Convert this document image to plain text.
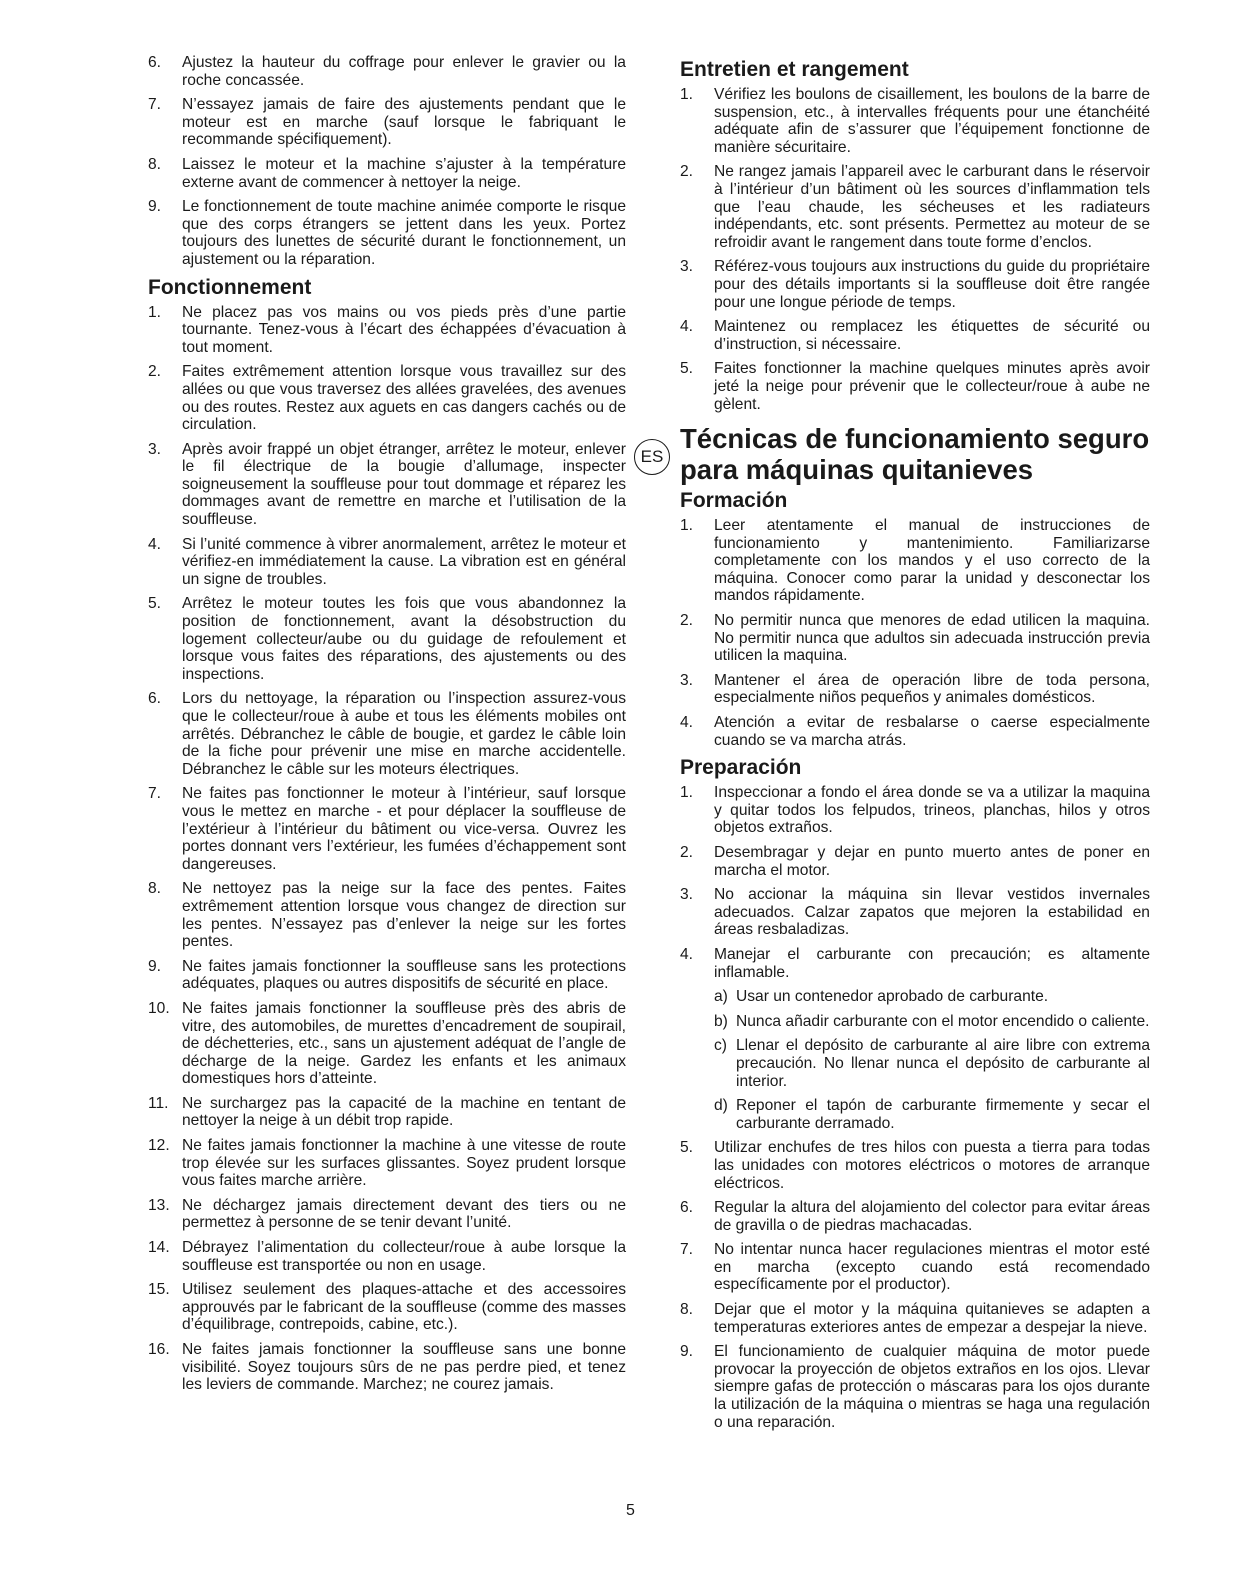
6.	Ajustez la hauteur du coffrage pour enlever le gravier ou la roche concassée.
7.	N’essayez jamais de faire des ajustements pendant que le moteur est en marche (sauf lorsque le fabriquant le recommande spécifiquement).
8.	Laissez le moteur et la machine s’ajuster à la température externe avant de commencer à nettoyer la neige.
9.	Le fonctionnement de toute machine animée comporte le risque que des corps étrangers se jettent dans les yeux. Portez toujours des lunettes de sécurité durant le fonctionnement, un ajustement ou la réparation.
Fonctionnement
1.	Ne placez pas vos mains ou vos pieds près d’une partie tournante. Tenez-vous à l’écart des échappées d’évacuation à tout moment.
2.	Faites extrêmement attention lorsque vous travaillez sur des allées ou que vous traversez des allées gravelées, des avenues ou des routes. Restez aux aguets en cas dangers cachés ou de circulation.
3.	Après avoir frappé un objet étranger, arrêtez le moteur, enlever le fil électrique de la bougie d’allumage, inspecter soigneusement la souffleuse pour tout dommage et réparez les dommages avant de remettre en marche et l’utilisation de la souffleuse.
4.	Si l’unité commence à vibrer anormalement, arrêtez le moteur et vérifiez-en immédiatement la cause. La vibration est en général un signe de troubles.
5.	Arrêtez le moteur toutes les fois que vous abandonnez la position de fonctionnement, avant la désobstruction du logement collecteur/aube ou du guidage de refoulement et lorsque vous faites des réparations, des ajustements ou des inspections.
6.	Lors du nettoyage, la réparation ou l’inspection assurez-vous que le collecteur/roue à aube et tous les éléments mobiles ont arrêtés. Débranchez le câble de bougie, et gardez le câble loin de la fiche pour prévenir une mise en marche accidentelle. Débranchez le câble sur les moteurs électriques.
7.	Ne faites pas fonctionner le moteur à l’intérieur, sauf lorsque vous le mettez en marche - et pour déplacer la souffleuse de l’extérieur à l’intérieur du bâtiment ou vice-versa. Ouvrez les portes donnant vers l’extérieur, les fumées d’échappement sont dangereuses.
8.	Ne nettoyez pas la neige sur la face des pentes. Faites extrêmement attention lorsque vous changez de direction sur les pentes. N’essayez pas d’enlever la neige sur les fortes pentes.
9.	Ne faites jamais fonctionner la souffleuse sans les protections adéquates, plaques ou autres dispositifs de sécurité en place.
10. Ne faites jamais fonctionner la souffleuse près des abris de vitre, des automobiles, de murettes d’encadrement de soupirail, de déchetteries, etc., sans un ajustement adéquat de l’angle de décharge de la neige. Gardez les enfants et les animaux domestiques hors d’atteinte.
11. Ne surchargez pas la capacité de la machine en tentant de nettoyer la neige à un débit trop rapide.
12. Ne faites jamais fonctionner la machine à une vitesse de route trop élevée sur les surfaces glissantes. Soyez prudent lorsque vous faites marche arrière.
13. Ne déchargez jamais directement devant des tiers ou ne permettez à personne de se tenir devant l’unité.
14. Débrayez l’alimentation du collecteur/roue à aube lorsque la souffleuse est transportée ou non en usage.
15. Utilisez seulement des plaques-attache et des accessoires approuvés par le fabricant de la souffleuse (comme des masses d’équilibrage, contrepoids, cabine, etc.).
16. Ne faites jamais fonctionner la souffleuse sans une bonne visibilité. Soyez toujours sûrs de ne pas perdre pied, et tenez les leviers de commande. Marchez; ne courez jamais.
Entretien et rangement
1.	Vérifiez les boulons de cisaillement, les boulons de la barre de suspension, etc., à intervalles fréquents pour une étanchéité adéquate afin de s’assurer que l’équipement fonctionne de manière sécuritaire.
2.	Ne rangez jamais l’appareil avec le carburant dans le réservoir à l’intérieur d’un bâtiment où les sources d’inflammation tels que l’eau chaude, les sécheuses et les radiateurs indépendants, etc. sont présents. Permettez au moteur de se refroidir avant le rangement dans toute forme d’enclos.
3.	Référez-vous toujours aux instructions du guide du propriétaire pour des détails importants si la souffleuse doit être rangée pour une longue période de temps.
4.	Maintenez ou remplacez les étiquettes de sécurité ou d’instruction, si nécessaire.
5.	Faites fonctionner la machine quelques minutes après avoir jeté la neige pour prévenir que le collecteur/roue à aube ne gèlent.
ES
Técnicas de funcionamiento seguro para máquinas quitanieves
Formación
1.	Leer atentamente el manual de instrucciones de funcionamiento y mantenimiento. Familiarizarse completamente con los mandos y el uso correcto de la máquina. Conocer como parar la unidad y desconectar los mandos rápidamente.
2.	No permitir nunca que menores de edad utilicen la maquina. No permitir nunca que adultos sin adecuada instrucción previa utilicen la maquina.
3.	Mantener el área de operación libre de toda persona, especialmente niños pequeños y animales domésticos.
4.	Atención a evitar de resbalarse o caerse especialmente cuando se va marcha atrás.
Preparación
1.	Inspeccionar a fondo el área donde se va a utilizar la maquina y quitar todos los felpudos, trineos, planchas, hilos y otros objetos extraños.
2.	Desembragar y dejar en punto muerto antes de poner en marcha el motor.
3.	No accionar la máquina sin llevar vestidos invernales adecuados. Calzar zapatos que mejoren la estabilidad en áreas resbaladizas.
4.	Manejar el carburante con precaución; es altamente inflamable.
a) Usar un contenedor aprobado de carburante.
b) Nunca añadir carburante con el motor encendido o caliente.
c) Llenar el depósito de carburante al aire libre con extrema precaución. No llenar nunca el depósito de carburante al interior.
d) Reponer el tapón de carburante firmemente y secar el carburante derramado.
5.	Utilizar enchufes de tres hilos con puesta a tierra para todas las unidades con motores eléctricos o motores de arranque eléctricos.
6.	Regular la altura del alojamiento del colector para evitar áreas de gravilla o de piedras machacadas.
7.	No intentar nunca hacer regulaciones mientras el motor esté en marcha (excepto cuando está recomendado específicamente por el productor).
8.	Dejar que el motor y la máquina quitanieves se adapten a temperaturas exteriores antes de empezar a despejar la nieve.
9.	El funcionamiento de cualquier máquina de motor puede provocar la proyección de objetos extraños en los ojos. Llevar siempre gafas de protección o máscaras para los ojos durante la utilización de la máquina o mientras se haga una regulación o una reparación.
5
